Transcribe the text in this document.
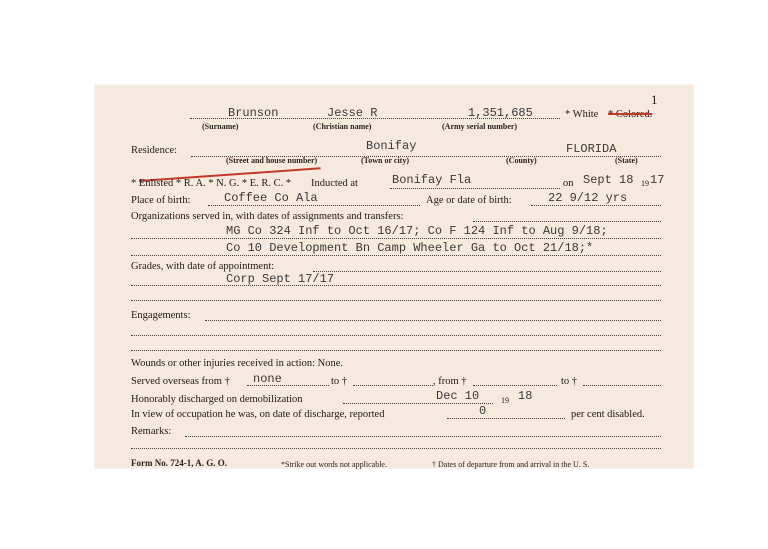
1
Brunson	Jesse R	1,351,685	* White * Colored.
(Surname)	(Christian name)	(Army serial number)
Residence:	Bonifay	FLORIDA
(Street and house number)	(Town or city)	(County)	(State)
* Enlisted * R. A. * N. G. * E. R. C. * Inducted at	Bonifay Fla	on Sept 18 19 17
Place of birth:	Coffee Co Ala	Age or date of birth:	22 9/12 yrs
Organizations served in, with dates of assignments and transfers:
MG Co 324 Inf to Oct 16/17; Co F 124 Inf to Aug 9/18;
Co 10 Development Bn Camp Wheeler Ga to Oct 21/18;*
Grades, with date of appointment:
Corp Sept 17/17
Engagements:
Wounds or other injuries received in action: None.
Served overseas from † none	to †	, from †	to †
Honorably discharged on demobilization	Dec 10	19 18
In view of occupation he was, on date of discharge, reported	0	per cent disabled.
Remarks:
Form No. 724-1, A. G. O.	*Strike out words not applicable.	† Dates of departure from and arrival in the U. S.
